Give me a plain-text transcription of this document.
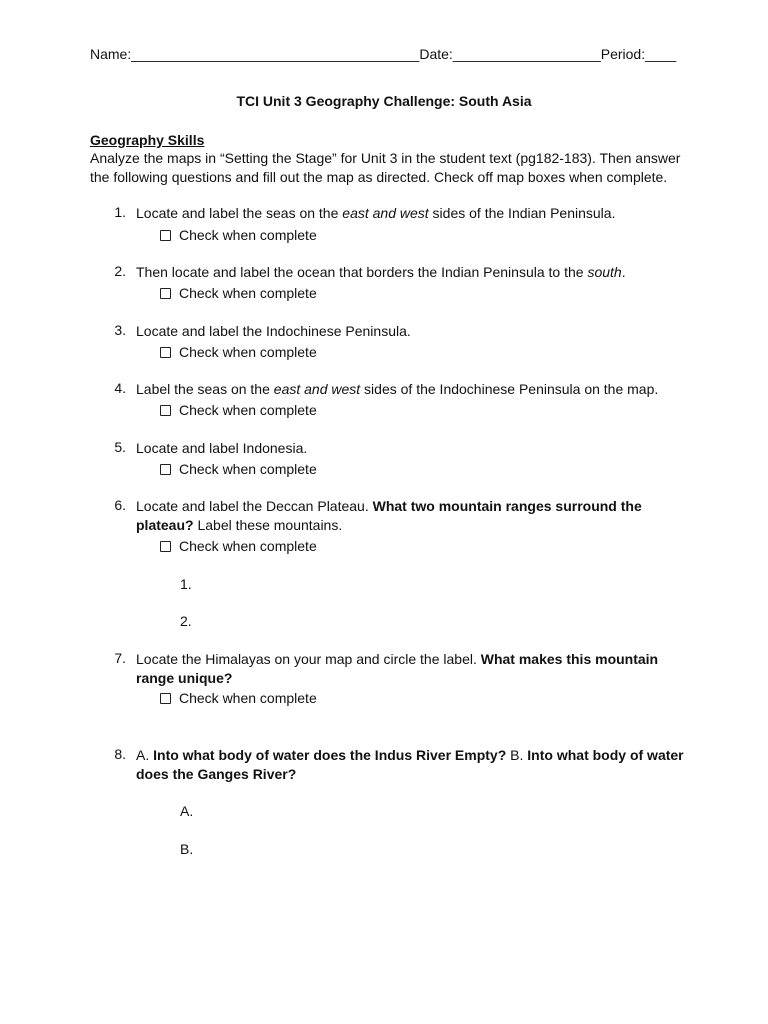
Name:_____________________________________Date:___________________Period:____
TCI Unit 3 Geography Challenge: South Asia
Geography Skills
Analyze the maps in “Setting the Stage” for Unit 3 in the student text (pg182-183). Then answer the following questions and fill out the map as directed. Check off map boxes when complete.
1. Locate and label the seas on the east and west sides of the Indian Peninsula.
Check when complete
2. Then locate and label the ocean that borders the Indian Peninsula to the south.
Check when complete
3. Locate and label the Indochinese Peninsula.
Check when complete
4. Label the seas on the east and west sides of the Indochinese Peninsula on the map.
Check when complete
5. Locate and label Indonesia.
Check when complete
6. Locate and label the Deccan Plateau. What two mountain ranges surround the plateau? Label these mountains.
Check when complete
1.
2.
7. Locate the Himalayas on your map and circle the label. What makes this mountain range unique?
Check when complete
8. A. Into what body of water does the Indus River Empty? B. Into what body of water does the Ganges River?
A.
B.
